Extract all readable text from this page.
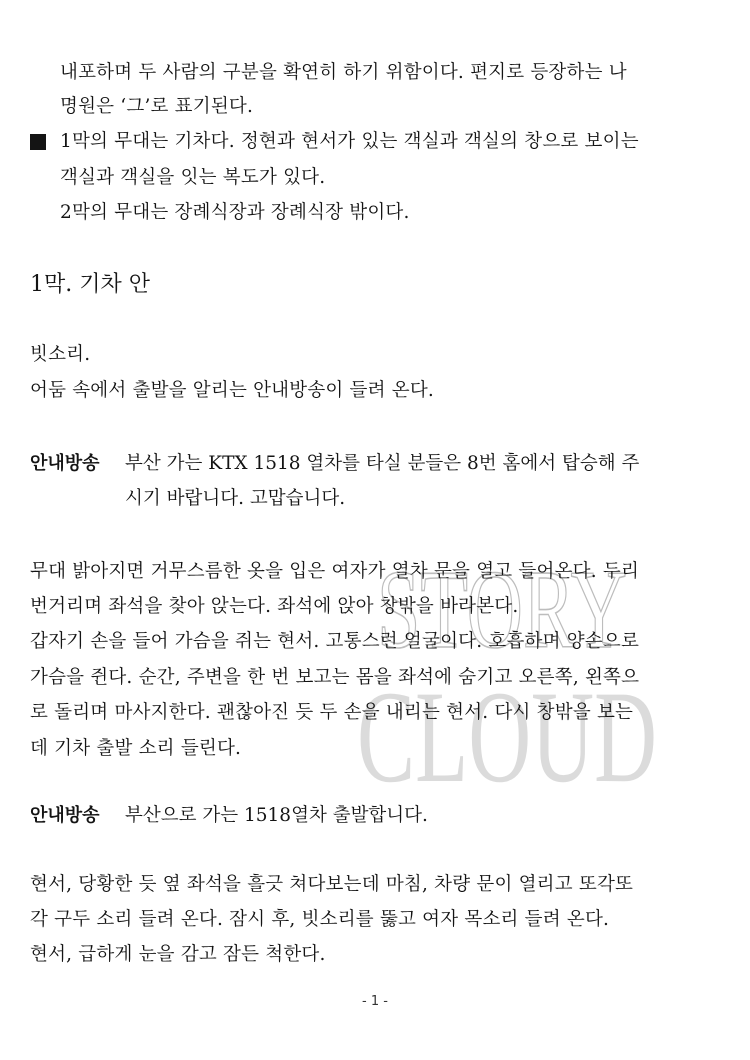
STORY
CLOUD
내포하며 두 사람의 구분을 확연히 하기 위함이다. 편지로 등장하는 나
명원은 ‘그’로 표기된다.
1막의 무대는 기차다. 정현과 현서가 있는 객실과 객실의 창으로 보이는
객실과 객실을 잇는 복도가 있다.
2막의 무대는 장례식장과 장례식장 밖이다.
1막. 기차 안
빗소리.
어둠 속에서 출발을 알리는 안내방송이 들려 온다.
안내방송 부산 가는 KTX 1518 열차를 타실 분들은 8번 홈에서 탑승해 주
시기 바랍니다. 고맙습니다.
무대 밝아지면 거무스름한 옷을 입은 여자가 열차 문을 열고 들어온다. 두리
번거리며 좌석을 찾아 앉는다. 좌석에 앉아 창밖을 바라본다.
갑자기 손을 들어 가슴을 쥐는 현서. 고통스런 얼굴이다. 호흡하며 양손으로
가슴을 쥔다. 순간, 주변을 한 번 보고는 몸을 좌석에 숨기고 오른쪽, 왼쪽으
로 돌리며 마사지한다. 괜찮아진 듯 두 손을 내리는 현서. 다시 창밖을 보는
데 기차 출발 소리 들린다.
안내방송 부산으로 가는 1518열차 출발합니다.
현서, 당황한 듯 옆 좌석을 흘긋 쳐다보는데 마침, 차량 문이 열리고 또각또
각 구두 소리 들려 온다. 잠시 후, 빗소리를 뚫고 여자 목소리 들려 온다.
현서, 급하게 눈을 감고 잠든 척한다.
- 1 -
